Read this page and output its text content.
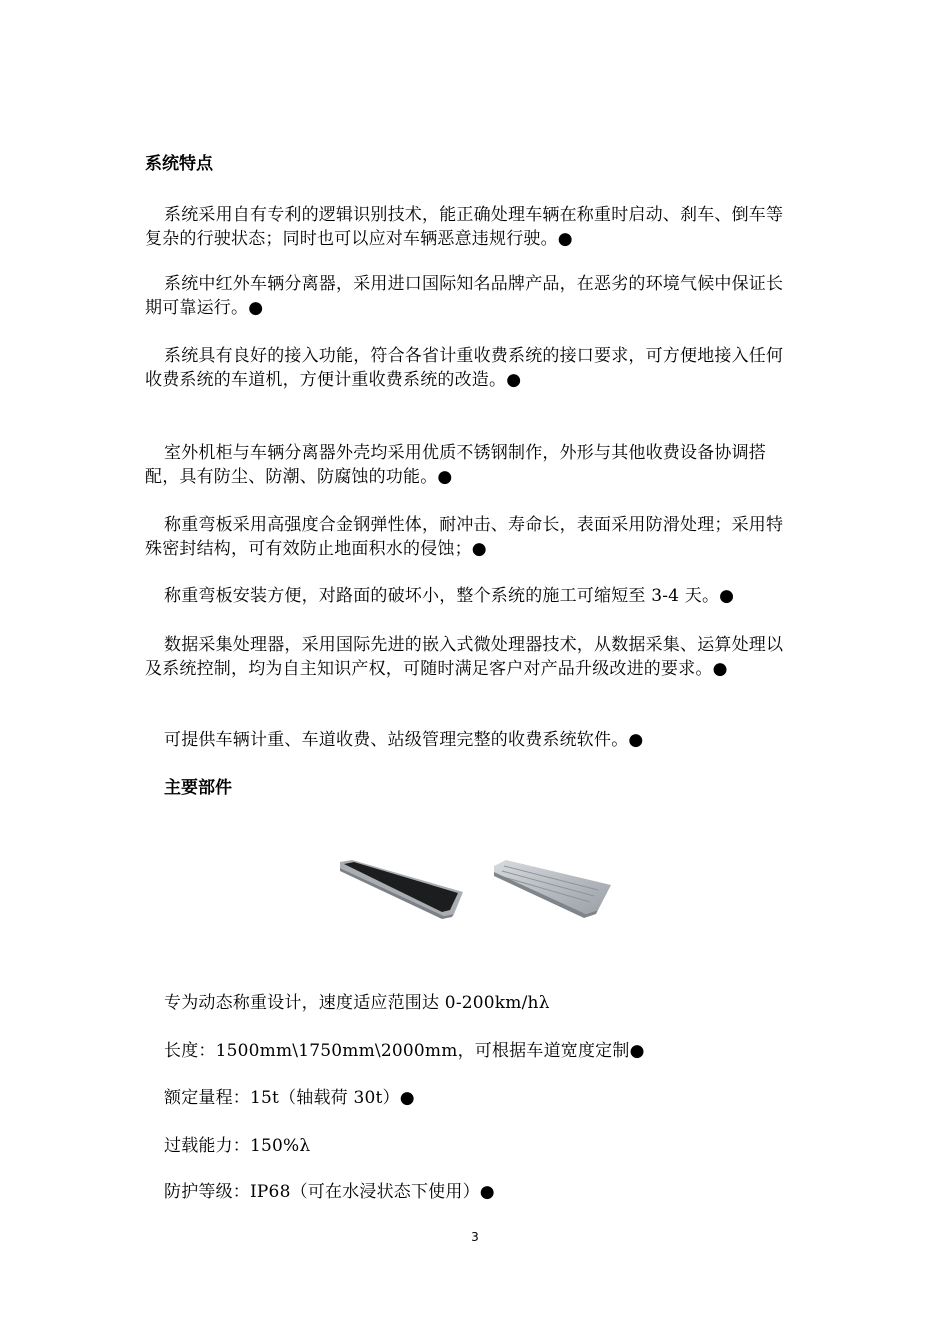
系统特点
系统采用自有专利的逻辑识别技术，能正确处理车辆在称重时启动、刹车、倒车等复杂的行驶状态；同时也可以应对车辆恶意违规行驶。●
系统中红外车辆分离器，采用进口国际知名品牌产品，在恶劣的环境气候中保证长期可靠运行。●
系统具有良好的接入功能，符合各省计重收费系统的接口要求，可方便地接入任何收费系统的车道机，方便计重收费系统的改造。●
室外机柜与车辆分离器外壳均采用优质不锈钢制作，外形与其他收费设备协调搭配，具有防尘、防潮、防腐蚀的功能。●
称重弯板采用高强度合金钢弹性体，耐冲击、寿命长，表面采用防滑处理；采用特殊密封结构，可有效防止地面积水的侵蚀；●
称重弯板安装方便，对路面的破坏小，整个系统的施工可缩短至 3-4 天。●
数据采集处理器，采用国际先进的嵌入式微处理器技术，从数据采集、运算处理以及系统控制，均为自主知识产权，可随时满足客户对产品升级改进的要求。●
可提供车辆计重、车道收费、站级管理完整的收费系统软件。●
主要部件
专为动态称重设计，速度适应范围达 0-200km/hλ
长度：1500mm\1750mm\2000mm，可根据车道宽度定制●
额定量程：15t（轴载荷 30t）●
过载能力：150%λ
防护等级：IP68（可在水浸状态下使用）●
3
